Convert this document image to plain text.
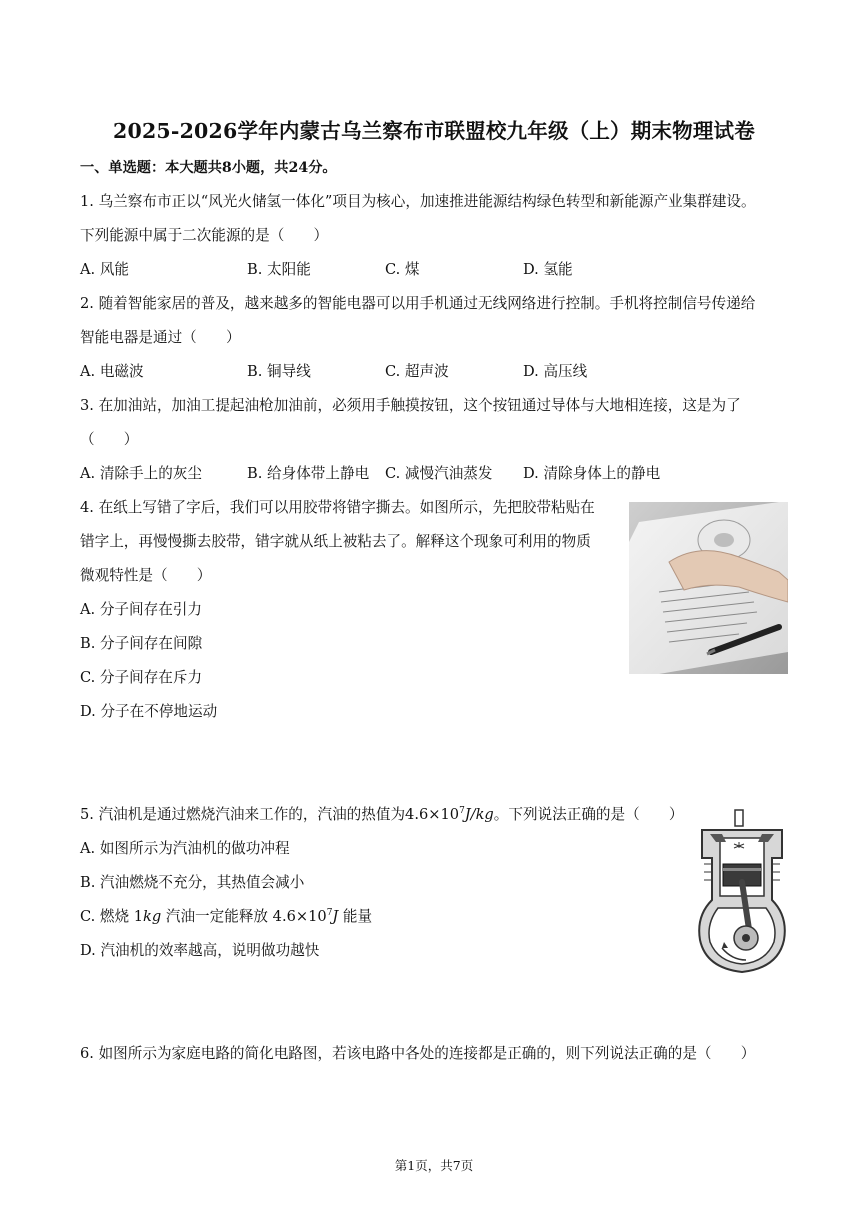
2025-2026学年内蒙古乌兰察布市联盟校九年级（上）期末物理试卷
一、单选题：本大题共8小题，共24分。
1. 乌兰察布市正以“风光火储氢一体化”项目为核心，加速推进能源结构绿色转型和新能源产业集群建设。
下列能源中属于二次能源的是（　　）
A. 风能	B. 太阳能	C. 煤	D. 氢能
2. 随着智能家居的普及，越来越多的智能电器可以用手机通过无线网络进行控制。手机将控制信号传递给
智能电器是通过（　　）
A. 电磁波	B. 铜导线	C. 超声波	D. 高压线
3. 在加油站，加油工提起油枪加油前，必须用手触摸按钮，这个按钮通过导体与大地相连接，这是为了
（　　）
A. 清除手上的灰尘	B. 给身体带上静电 C. 减慢汽油蒸发 D. 清除身体上的静电
4. 在纸上写错了字后，我们可以用胶带将错字撕去。如图所示，先把胶带粘贴在
错字上，再慢慢撕去胶带，错字就从纸上被粘去了。解释这个现象可利用的物质
微观特性是（　　）
A. 分子间存在引力
B. 分子间存在间隙
C. 分子间存在斥力
D. 分子在不停地运动
5. 汽油机是通过燃烧汽油来工作的，汽油的热值为$4.6\times 10^7J/kg$。下列说法正确的是（　　）
A. 如图所示为汽油机的做功冲程
B. 汽油燃烧不充分，其热值会减小
C. 燃烧 1kg 汽油一定能释放 $4.6\times 10^7J$ 能量
D. 汽油机的效率越高，说明做功越快
6. 如图所示为家庭电路的简化电路图，若该电路中各处的连接都是正确的，则下列说法正确的是（　　）
第1页，共7页
